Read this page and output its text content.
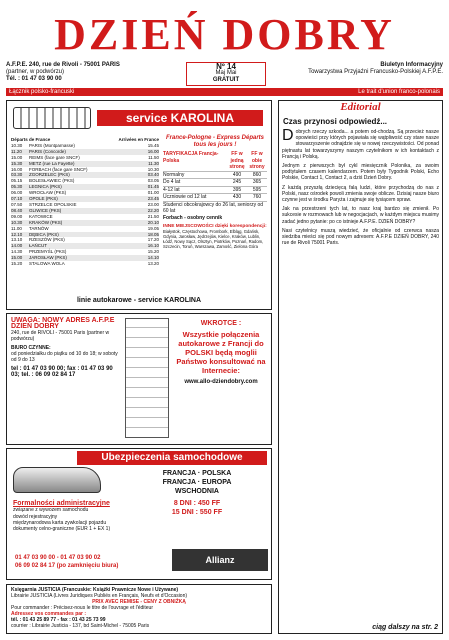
DZIEŃ DOBRY
A.F.P.E. 240, rue de Rivoli - 75001 PARIS
(partner, w podwórzu)
Tél. : 01 47 03 90 00
Nº 14
Maj Mai
GRATUIT
Biuletyn Informacyjny
Towarzystwa Przyjaźni Francusko-Polskiej A.F.P.E.
Łącznik polsko-francuski	Le trait d'union franco-polonais
service KAROLINA
Départs de France	Arrivées en France
10.30	PARIS (Montparnasse)	15.45
11.20	PARIS (Concorde)	16.00
15.00	REIMS (face gare SNCF)	11.50
15.30	METZ (rue La Fayette)	11.30
16.00	FORBACH (face gare SNCF)	10.30
03.30	ZGORZELEC (PKS)	03.40
05.15	BOLESŁAWIEC (PKS)	03.05
05.30	LEGNICA (PKS)	01.45
06.00	WROCŁAW (PKS)	01.00
07.10	OPOLE (PKS)	23.45
07.50	STRZELCE OPOLSKIE	23.00
08.40	GLIWICE (PKS)	22.20
09.00	KATOWICE	21.50
10.30	KRAKÓW (PKS)	20.10
11.00	TARNÓW	19.05
12.10	DĘBICA (PKS)	18.05
13.10	RZESZÓW (PKS)	17.20
14.00	ŁAŃCUT	16.10
14.30	PRZEMYŚL (PKS)	15.20
15.00	JAROSŁAW (PKS)	14.10
15.20	STALOWA WOLA	13.20
France-Pologne - Express Départs tous les jours !
TARYFIKACJA Francja-Polska
FF w jedną stronę
FF w obie strony
Normalny	490	860
Do 4 lat	245	365
4-12 lat	395	595
Uczniowie od 12 lat	430	760
Studenci obcokrajowcy do 26 lat, seniorzy od 60 lat
Forbach - osobny cennik
INNE MIEJSCOWOŚCI dzięki korespondencji:
Białystok, Częstochowa, Frombork, Elbląg, Gdańsk, Gdynia, Jarosław, Jędrzejów, Kielce, Kraków, Lublin, Łódź, Nowy Sącz, Olsztyn, Piotrków, Poznań, Radom, Szczecin, Toruń, Warszawa, Zamość, Zielona Góra
linie autokarowe - service KAROLINA
UWAGA: NOWY ADRES A.F.P.E DZIEŃ DOBRY
240, rue de RIVOLI - 75001 Paris (partner w podwórzu)
BIURO CZYNNE:
od poniedziałku do piątku od 10 do 18; w soboty od 9 do 13
tel : 01 47 03 90 00; fax : 01 47 03 90 03; tel. : 06 09 02 84 17
WKROTCE :
Wszystkie połączenia autokarowe z Francji do POLSKI będą moglii Państwo konsultować na Internecie:
www.allo-dziendobry.com
Ubezpieczenia samochodowe
FRANCJA · POLSKA
FRANCJA · EUROPA
WSCHODNIA
8 DNI : 450 FF
15 DNI : 550 FF
Formalności administracyjne
związane z wywozem samochodu
dowód rejestracyjny
międzynarodowa karta zywkolacji pojazdu
dokumenty celno-graniczne (EUR 1 + EX 1)
01 47 03 90 00 - 01 47 03 90 02
06 09 02 84 17 (po zamknięciu biura)
Allianz
Księgarnia JUSTICIA (Francuskie: Książki Prawnicze Nowe i Używane)
Librairie JUSTICIA (Livres Juridiques Publiés en Français, Neufs et d'Occasion)
PRIX AVEC REMISE - CENY Z OBNIŻKĄ
Pour commander : Précisez-nous le titre de l'ouvrage et l'éditeur
Adressez vos commandes par :
tél. : 01 43 25 89 77 - fax : 01 43 25 73 99
courrier : Librairie Justicia - 137, bd Saint-Michel - 75005 Paris
Editorial
Czas przynosi odpowiedź...

Dobrych rzeczy szkoda... a potem od-chodzą. Są przecież nasze opowieści przy których pojawiała się wątpliwość czy stare nasze stowarzyszenie odnajdzie się w nowej rzeczywistości. Od ponad piętnastu lat towarzyszymy naszym czytelnikom w ich kontaktach z Francją i Polską.

Jednym z pierwszych był cykl miesięcznik Polonika, za swoim podtytułem czasem kalendarzem. Potem były Tygodnik Polski, Echo Polskie, Contact 1, Contact 2, a dziś Dzień Dobry.

Z każdą przyszłą dziecięcą falą ludzi, które przychodzą do nas z Polski, nasz ośrodek powoli zmienia swoje oblicze. Dzisiaj nasze biuro czynne jest w środku Paryża i zajmuje się tysiącem spraw.

Jak na przestrzeni tych lat, to nasz kraj bardzo się zmienił. Po sukcesie w rozmowach lub w negocjacjach, w każdym miejscu musimy zadać jedno pytanie: po co istnieje A.F.P.E. DZIEŃ DOBRY?

Nasi czytelnicy muszą wiedzieć, że oficjalnie od czerwca nasza siedziba mieści się pod nowym adresem: A.F.P.E DZIEŃ DOBRY, 240 rue de Rivoli 75001 Paris.

ciąg dalszy na str. 2
